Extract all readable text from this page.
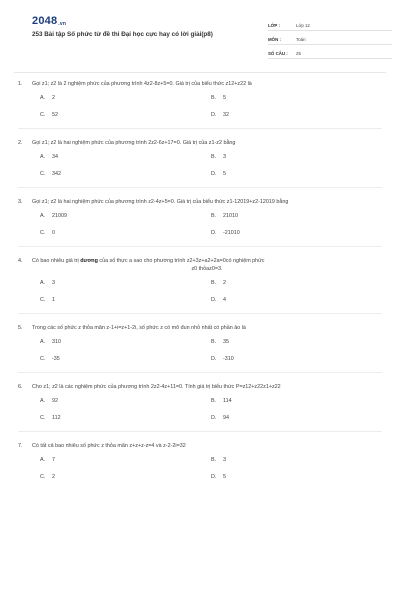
2048.vn
253 Bài tập Số phức từ đề thi Đại học cực hay có lời giải(p8)
LỚP :	Lớp 12
MÔN :	Toán
SỐ CÂU :	25
1.	Gọi z1; z2 là 2 nghiệm phức của phương trình 4z2-8z+5=0. Giá trị của biểu thức z12+z22 là
A.	2	B.	5
C.	52	D.	32
2.	Gọi z1; z2 là hai nghiệm phức của phương trình 2z2-6z+17=0. Giá trị của z1-z2 bằng
A.	34	B.	3
C.	342	D.	5
3.	Gọi z1; z2 là hai nghiệm phức của phương trình z2-4z+5=0. Giá trị của biểu thức z1-12019+z2-12019 bằng
A.	21009	B.	21010
C.	0	D.	-21010
4.	Có bao nhiêu giá trị dương của số thực a sao cho phương trình z2+3z+a2+2a=0có nghiệm phức
z0 thỏaz0=3.
A.	3	B.	2
C.	1	D.	4
5.	Trong các số phức z thỏa mãn z-1+i=z+1-2i, số phức z có mô đun nhỏ nhất có phần ảo là
A.	310	B.	35
C.	-35	D.	-310
6.	Cho z1; z2 là các nghiệm phức của phương trình 2z2-4z+11=0. Tính giá trị biểu thức P=z12+z22z1+z22
A.	92	B.	114
C.	112	D.	94
7.	Có tất cả bao nhiêu số phức z thỏa mãn z+z+z-z=4 và z-2-2i=32
A.	7	B.	3
C.	2	D.	5
